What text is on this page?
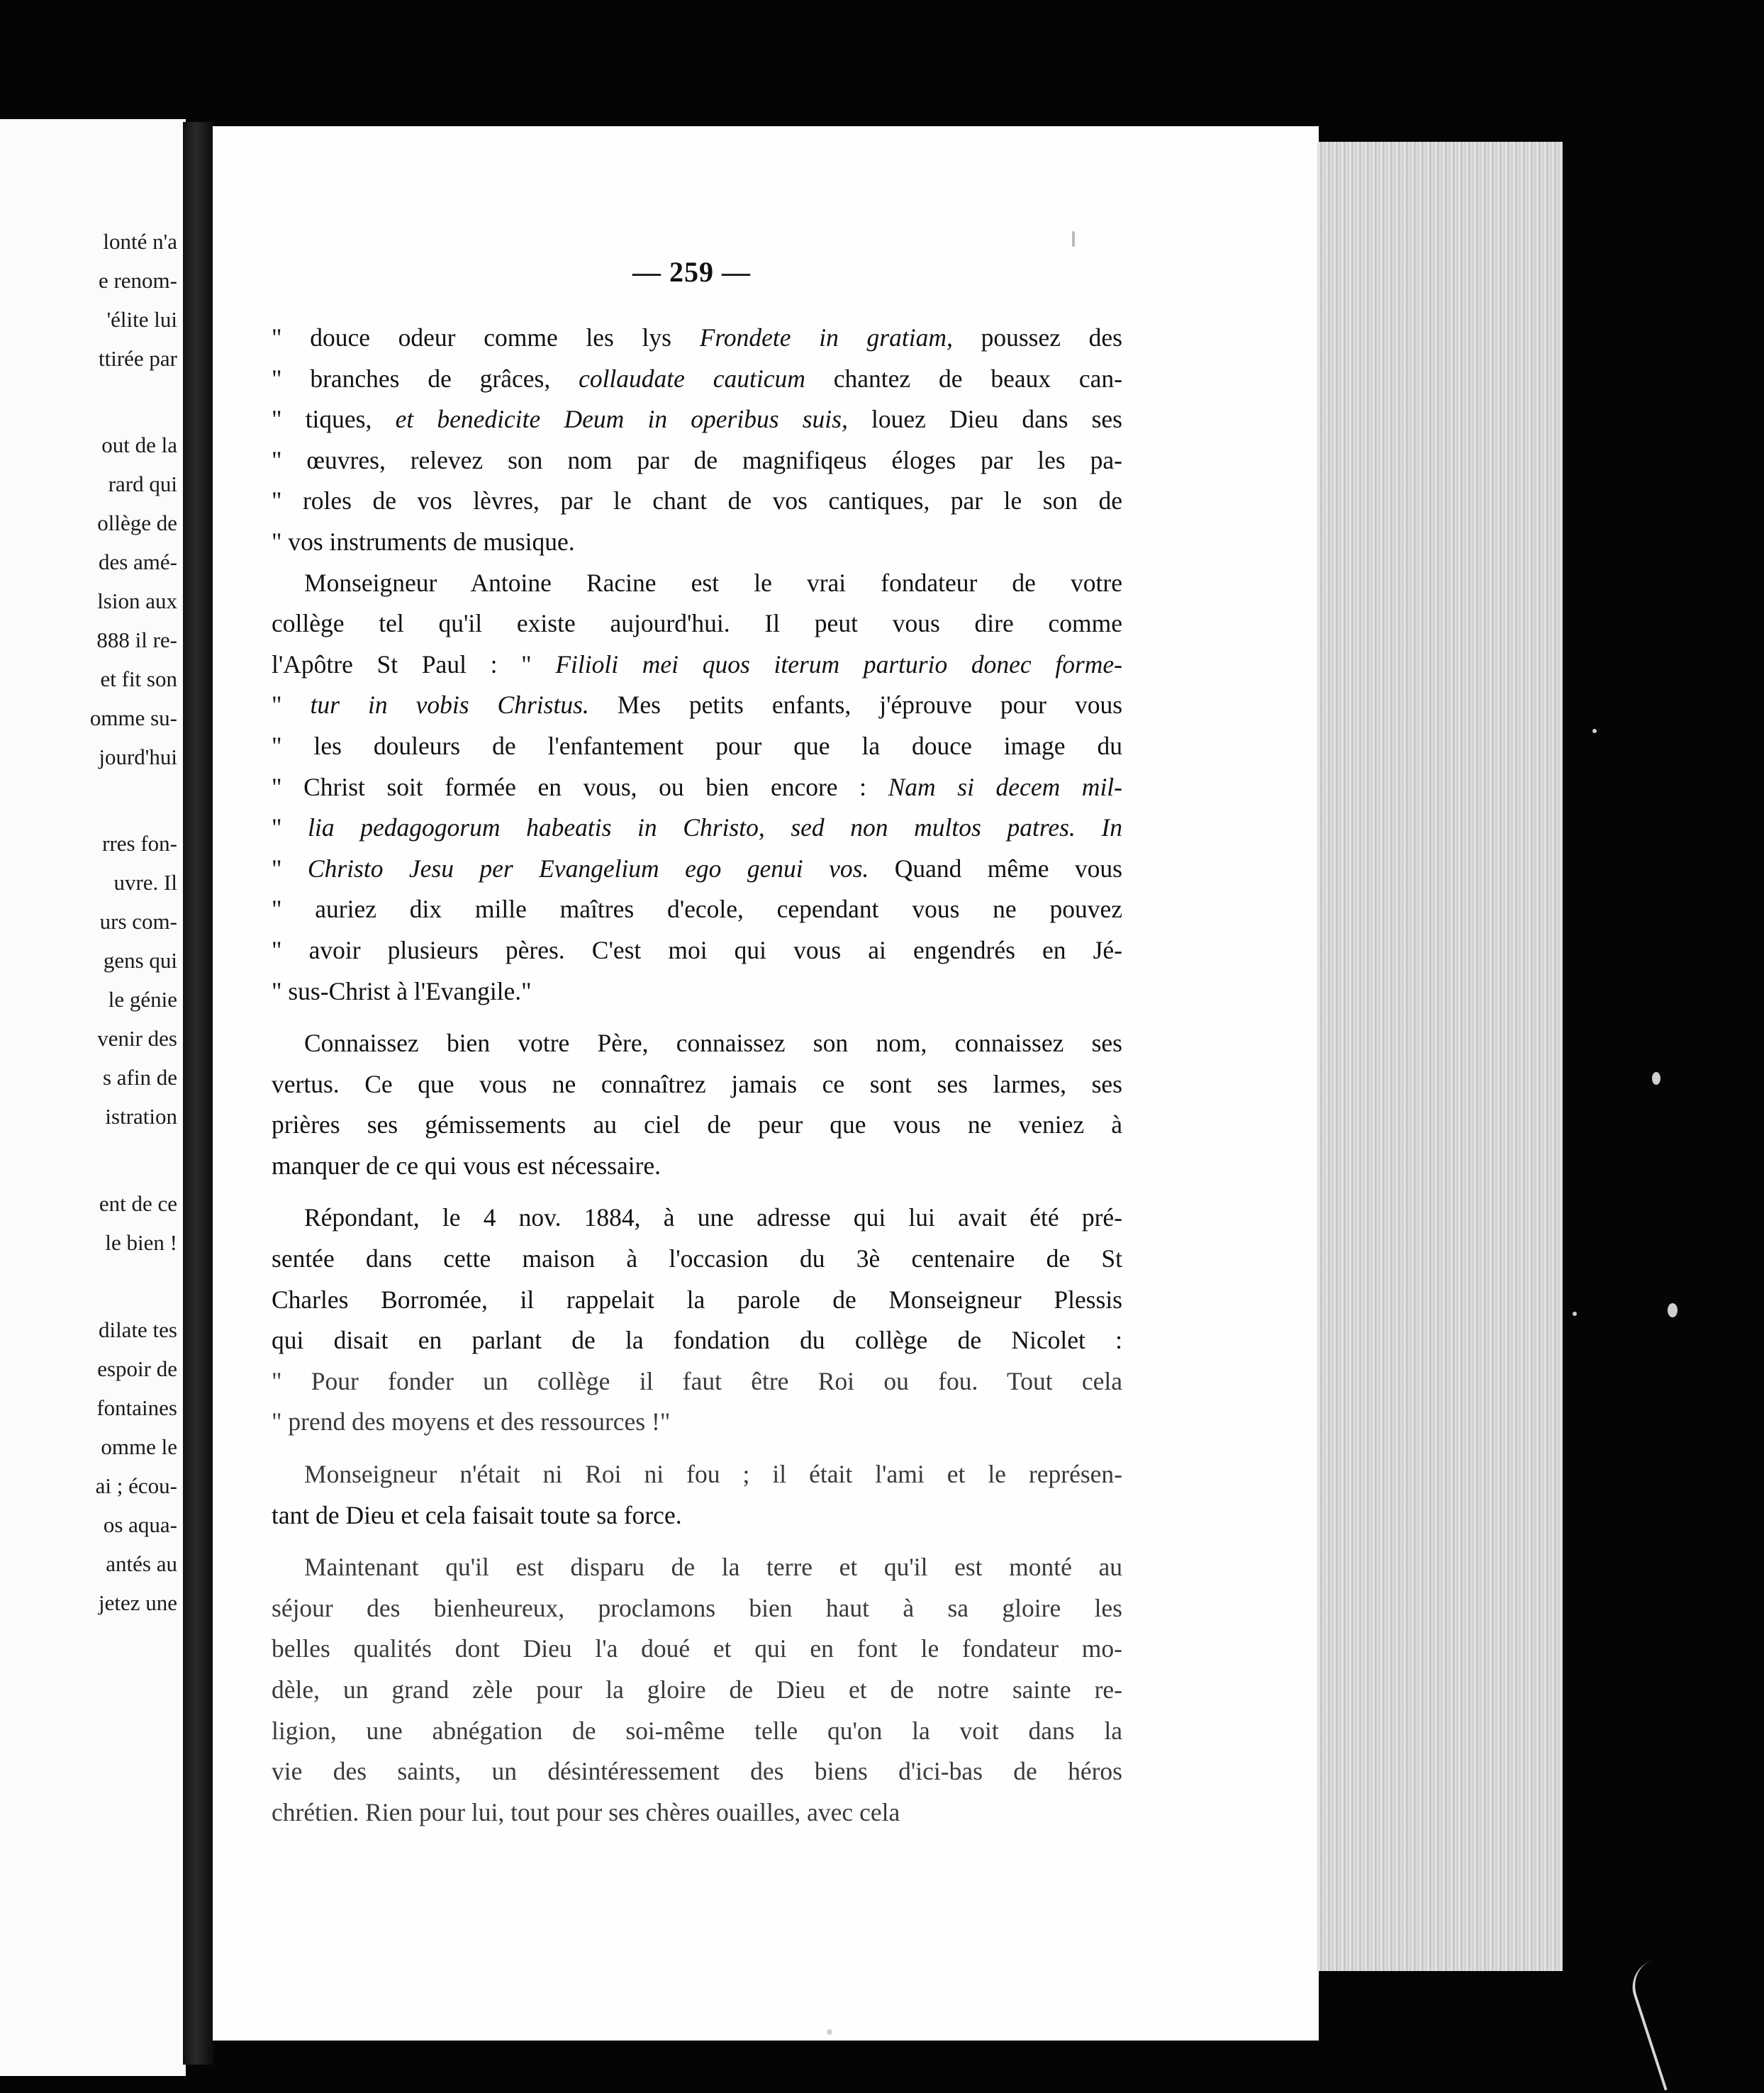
lonté n'a
e renom-
'élite lui
ttirée par
out de la
rard qui
ollège de
des amé-
lsion aux
888 il re-
et fit son
omme su-
jourd'hui
rres fon-
uvre. Il
urs com-
gens qui
le génie
venir des
s afin de
istration
ent de ce
le bien !
dilate tes
espoir de
fontaines
omme le
ai ; écou-
os aqua-
antés au
jetez une
— 259 —
" douce odeur comme les lys Frondete in gratiam, poussez des
" branches de grâces, collaudate cauticum chantez de beaux can-
" tiques, et benedicite Deum in operibus suis, louez Dieu dans ses
" œuvres, relevez son nom par de magnifiqeus éloges par les pa-
" roles de vos lèvres, par le chant de vos cantiques, par le son de
" vos instruments de musique.
Monseigneur Antoine Racine est le vrai fondateur de votre
collège tel qu'il existe aujourd'hui. Il peut vous dire comme
l'Apôtre St Paul : " Filioli mei quos iterum parturio donec forme-
" tur in vobis Christus. Mes petits enfants, j'éprouve pour vous
" les douleurs de l'enfantement pour que la douce image du
" Christ soit formée en vous, ou bien encore : Nam si decem mil-
" lia pedagogorum habeatis in Christo, sed non multos patres. In
" Christo Jesu per Evangelium ego genui vos. Quand même vous
" auriez dix mille maîtres d'ecole, cependant vous ne pouvez
" avoir plusieurs pères. C'est moi qui vous ai engendrés en Jé-
" sus-Christ à l'Evangile."
Connaissez bien votre Père, connaissez son nom, connaissez ses
vertus. Ce que vous ne connaîtrez jamais ce sont ses larmes, ses
prières ses gémissements au ciel de peur que vous ne veniez à
manquer de ce qui vous est nécessaire.
Répondant, le 4 nov. 1884, à une adresse qui lui avait été pré-
sentée dans cette maison à l'occasion du 3è centenaire de St
Charles Borromée, il rappelait la parole de Monseigneur Plessis
qui disait en parlant de la fondation du collège de Nicolet :
" Pour fonder un collège il faut être Roi ou fou. Tout cela
" prend des moyens et des ressources !"
Monseigneur n'était ni Roi ni fou ; il était l'ami et le représen-
tant de Dieu et cela faisait toute sa force.
Maintenant qu'il est disparu de la terre et qu'il est monté au
séjour des bienheureux, proclamons bien haut à sa gloire les
belles qualités dont Dieu l'a doué et qui en font le fondateur mo-
dèle, un grand zèle pour la gloire de Dieu et de notre sainte re-
ligion, une abnégation de soi-même telle qu'on la voit dans la
vie des saints, un désintéressement des biens d'ici-bas de héros
chrétien. Rien pour lui, tout pour ses chères ouailles, avec cela
